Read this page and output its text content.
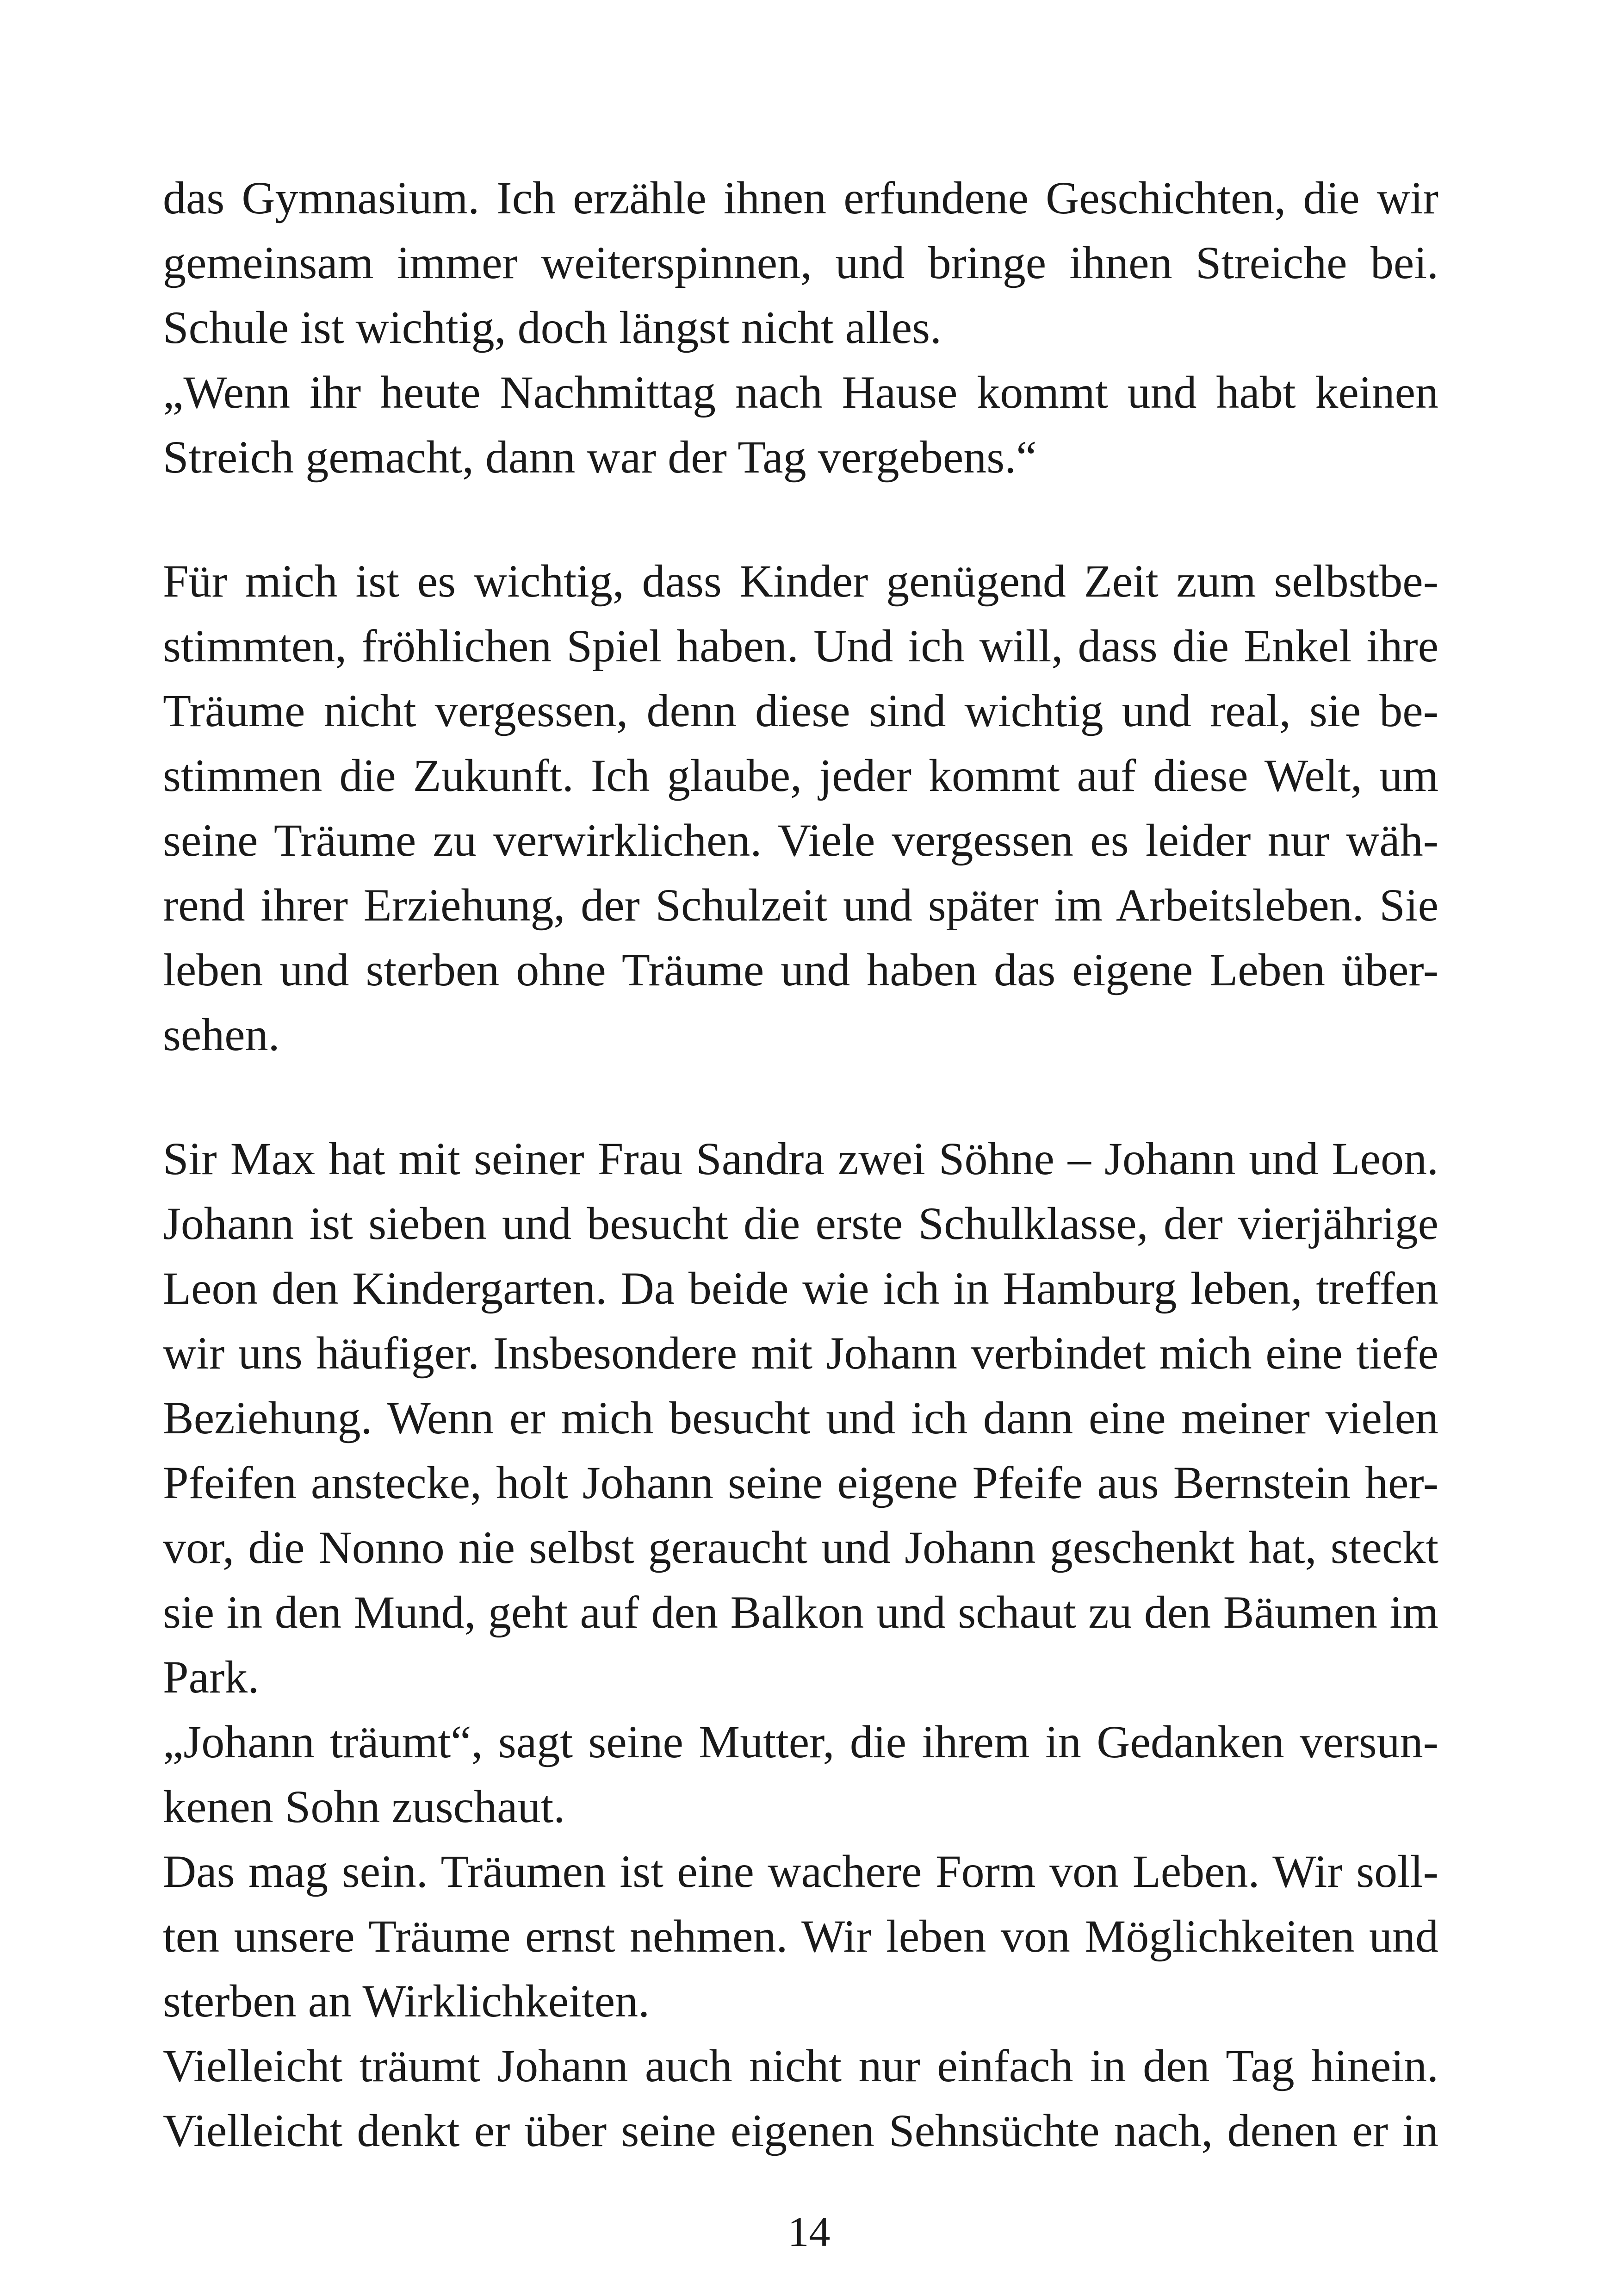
das Gymnasium. Ich erzähle ihnen erfundene Geschichten, die wir
gemeinsam immer weiterspinnen, und bringe ihnen Streiche bei.
Schule ist wichtig, doch längst nicht alles.
„Wenn ihr heute Nachmittag nach Hause kommt und habt keinen
Streich gemacht, dann war der Tag vergebens.“
Für mich ist es wichtig, dass Kinder genügend Zeit zum selbstbe-
stimmten, fröhlichen Spiel haben. Und ich will, dass die Enkel ihre
Träume nicht vergessen, denn diese sind wichtig und real, sie be-
stimmen die Zukunft. Ich glaube, jeder kommt auf diese Welt, um
seine Träume zu verwirklichen. Viele vergessen es leider nur wäh-
rend ihrer Erziehung, der Schulzeit und später im Arbeitsleben. Sie
leben und sterben ohne Träume und haben das eigene Leben über-
sehen.
Sir Max hat mit seiner Frau Sandra zwei Söhne – Johann und Leon.
Johann ist sieben und besucht die erste Schulklasse, der vierjährige
Leon den Kindergarten. Da beide wie ich in Hamburg leben, treffen
wir uns häufiger. Insbesondere mit Johann verbindet mich eine tiefe
Beziehung. Wenn er mich besucht und ich dann eine meiner vielen
Pfeifen anstecke, holt Johann seine eigene Pfeife aus Bernstein her-
vor, die Nonno nie selbst geraucht und Johann geschenkt hat, steckt
sie in den Mund, geht auf den Balkon und schaut zu den Bäumen im
Park.
„Johann träumt“, sagt seine Mutter, die ihrem in Gedanken versun-
kenen Sohn zuschaut.
Das mag sein. Träumen ist eine wachere Form von Leben. Wir soll-
ten unsere Träume ernst nehmen. Wir leben von Möglichkeiten und
sterben an Wirklichkeiten.
Vielleicht träumt Johann auch nicht nur einfach in den Tag hinein.
Vielleicht denkt er über seine eigenen Sehnsüchte nach, denen er in
14
